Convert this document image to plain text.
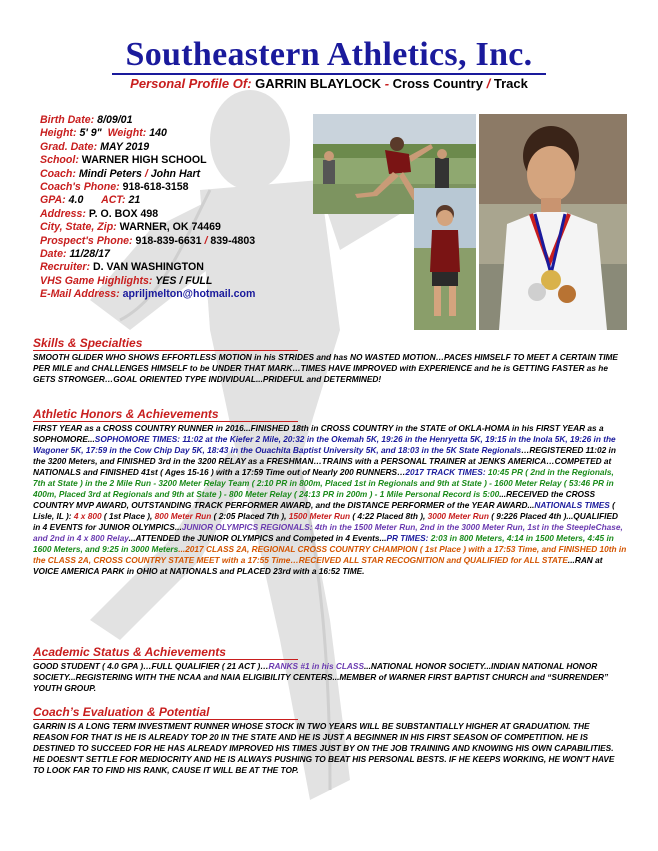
Southeastern Athletics, Inc.
Personal Profile Of: GARRIN BLAYLOCK - Cross Country / Track
Birth Date: 8/09/01
Height: 5' 9" Weight: 140
Grad. Date: MAY 2019
School: WARNER HIGH SCHOOL
Coach: Mindi Peters / John Hart
Coach's Phone: 918-618-3158
GPA: 4.0 ACT: 21
Address: P. O. BOX 498
City, State, Zip: WARNER, OK 74469
Prospect's Phone: 918-839-6631 / 839-4803
Date: 11/28/17
Recruiter: D. VAN WASHINGTON
VHS Game Highlights: YES / FULL
E-Mail Address: apriljmelton@hotmail.com
Skills & Specialties
SMOOTH GLIDER WHO SHOWS EFFORTLESS MOTION in his STRIDES and has NO WASTED MOTION…PACES HIMSELF TO MEET A CERTAIN TIME PER MILE and CHALLENGES HIMSELF to be UNDER THAT MARK…TIMES HAVE IMPROVED with EXPERIENCE and he is GETTING FASTER as he GETS STRONGER…GOAL ORIENTED TYPE INDIVIDUAL...PRIDEFUL and DETERMINED!
Athletic Honors & Achievements
FIRST YEAR as a CROSS COUNTRY RUNNER in 2016...FINISHED 18th in CROSS COUNTRY in the STATE of OKLA-HOMA in his FIRST YEAR as a SOPHOMORE...SOPHOMORE TIMES: 11:02 at the Kiefer 2 Mile, 20:32 in the Okemah 5K, 19:26 in the Henryetta 5K, 19:15 in the Inola 5K, 19:26 in the Wagoner 5K, 17:59 in the Cow Chip Day 5K, 18:43 in the Ouachita Baptist University 5K, and 18:03 in the 5K State Regionals…REGISTERED 11:02 in the 3200 Meters, and FINISHED 3rd in the 3200 RELAY as a FRESHMAN…TRAINS with a PERSONAL TRAINER at JENKS AMERICA…COMPETED at NATIONALS and FINISHED 41st ( Ages 15-16 ) with a 17:59 Time out of Nearly 200 RUNNERS…2017 TRACK TIMES: 10:45 PR ( 2nd in the Regionals, 7th at State ) in the 2 Mile Run - 3200 Meter Relay Team ( 2:10 PR in 800m, Placed 1st in Regionals and 9th at State ) - 1600 Meter Relay ( 53:46 PR in 400m, Placed 3rd at Regionals and 9th at State ) - 800 Meter Relay ( 24:13 PR in 200m ) - 1 Mile Personal Record is 5:00...RECEIVED the CROSS COUNTRY MVP AWARD, OUTSTANDING TRACK PERFORMER AWARD, and the DISTANCE PERFORMER of the YEAR AWARD...NATIONALS TIMES ( Lisle, IL ): 4 x 800 ( 1st Place ), 800 Meter Run ( 2:05 Placed 7th ), 1500 Meter Run ( 4:22 Placed 8th ), 3000 Meter Run ( 9:226 Placed 4th )...QUALIFIED in 4 EVENTS for JUNIOR OLYMPICS...JUNIOR OLYMPICS REGIONALS: 4th in the 1500 Meter Run, 2nd in the 3000 Meter Run, 1st in the SteepleChase, and 2nd in 4 x 800 Relay...ATTENDED the JUNIOR OLYMPICS and Competed in 4 Events...PR TIMES: 2:03 in 800 Meters, 4:14 in 1500 Meters, 4:45 in 1600 Meters, and 9:25 in 3000 Meters...2017 CLASS 2A, REGIONAL CROSS COUNTRY CHAMPION ( 1st Place ) with a 17:53 Time, and FINISHED 10th in the CLASS 2A, CROSS COUNTRY STATE MEET with a 17:55 Time…RECEIVED ALL STAR RECOGNITION and QUALIFIED for ALL STATE...RAN at VOICE AMERICA PARK in OHIO at NATIONALS and PLACED 23rd with a 16:52 TIME.
Academic Status & Achievements
GOOD STUDENT ( 4.0 GPA )…FULL QUALIFIER ( 21 ACT )…RANKS #1 in his CLASS...NATIONAL HONOR SOCIETY...INDIAN NATIONAL HONOR SOCIETY...REGISTERING WITH THE NCAA and NAIA ELIGIBILITY CENTERS...MEMBER of WARNER FIRST BAPTIST CHURCH and “SURRENDER” YOUTH GROUP.
Coach’s Evaluation & Potential
GARRIN IS A LONG TERM INVESTMENT RUNNER WHOSE STOCK IN TWO YEARS WILL BE SUBSTANTIALLY HIGHER AT GRADUATION. THE REASON FOR THAT IS HE IS ALREADY TOP 20 IN THE STATE AND HE IS JUST A BEGINNER IN HIS FIRST SEASON OF COMPETITION. HE IS DESTINED TO SUCCEED FOR HE HAS ALREADY IMPROVED HIS TIMES JUST BY ON THE JOB TRAINING AND KNOWING HIS OWN CAPABILITIES. HE DOESN'T SETTLE FOR MEDIOCRITY AND HE IS ALWAYS PUSHING TO BEAT HIS PERSONAL BESTS. IF HE KEEPS WORKING, HE WON'T HAVE TO LOOK FAR TO FIND HIS RANK, CAUSE IT WILL BE AT THE TOP.
